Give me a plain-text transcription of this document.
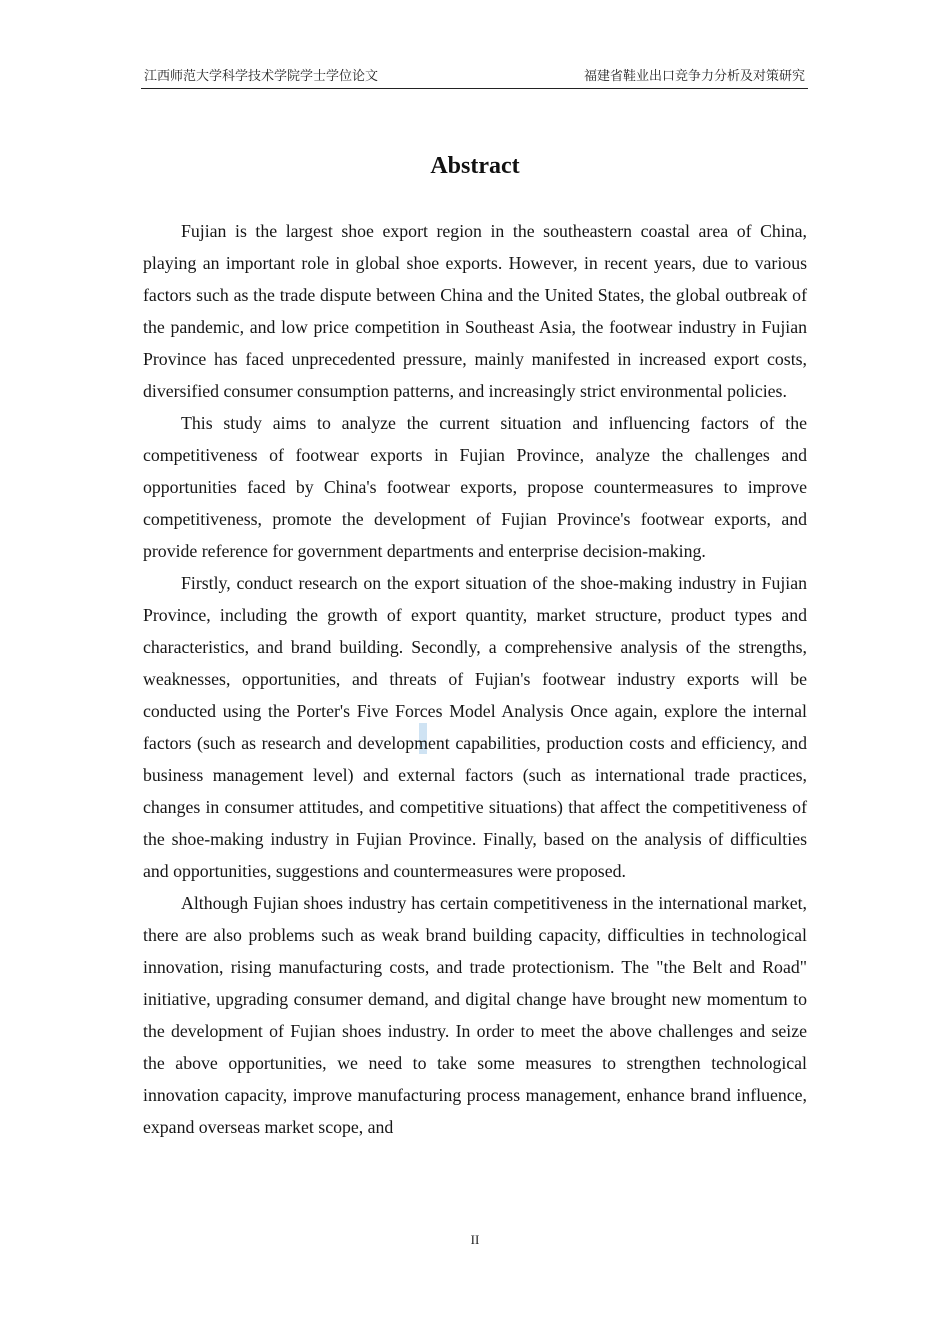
江西师范大学科学技术学院学士学位论文	福建省鞋业出口竞争力分析及对策研究
Abstract

Fujian is the largest shoe export region in the southeastern coastal area of China, playing an important role in global shoe exports. However, in recent years, due to various factors such as the trade dispute between China and the United States, the global outbreak of the pandemic, and low price competition in Southeast Asia, the footwear industry in Fujian Province has faced unprecedented pressure, mainly manifested in increased export costs, diversified consumer consumption patterns, and increasingly strict environmental policies.

This study aims to analyze the current situation and influencing factors of the competitiveness of footwear exports in Fujian Province, analyze the challenges and opportunities faced by China's footwear exports, propose countermeasures to improve competitiveness, promote the development of Fujian Province's footwear exports, and provide reference for government departments and enterprise decision-making.

Firstly, conduct research on the export situation of the shoe-making industry in Fujian Province, including the growth of export quantity, market structure, product types and characteristics, and brand building. Secondly, a comprehensive analysis of the strengths, weaknesses, opportunities, and threats of Fujian's footwear industry exports will be conducted using the Porter's Five Forces Model Analysis Once again, explore the internal factors (such as research and development capabilities, production costs and efficiency, and business management level) and external factors (such as international trade practices, changes in consumer attitudes, and competitive situations) that affect the competitiveness of the shoe-making industry in Fujian Province. Finally, based on the analysis of difficulties and opportunities, suggestions and countermeasures were proposed.

Although Fujian shoes industry has certain competitiveness in the international market, there are also problems such as weak brand building capacity, difficulties in technological innovation, rising manufacturing costs, and trade protectionism. The "the Belt and Road" initiative, upgrading consumer demand, and digital change have brought new momentum to the development of Fujian shoes industry. In order to meet the above challenges and seize the above opportunities, we need to take some measures to strengthen technological innovation capacity, improve manufacturing process management, enhance brand influence, expand overseas market scope, and

II
